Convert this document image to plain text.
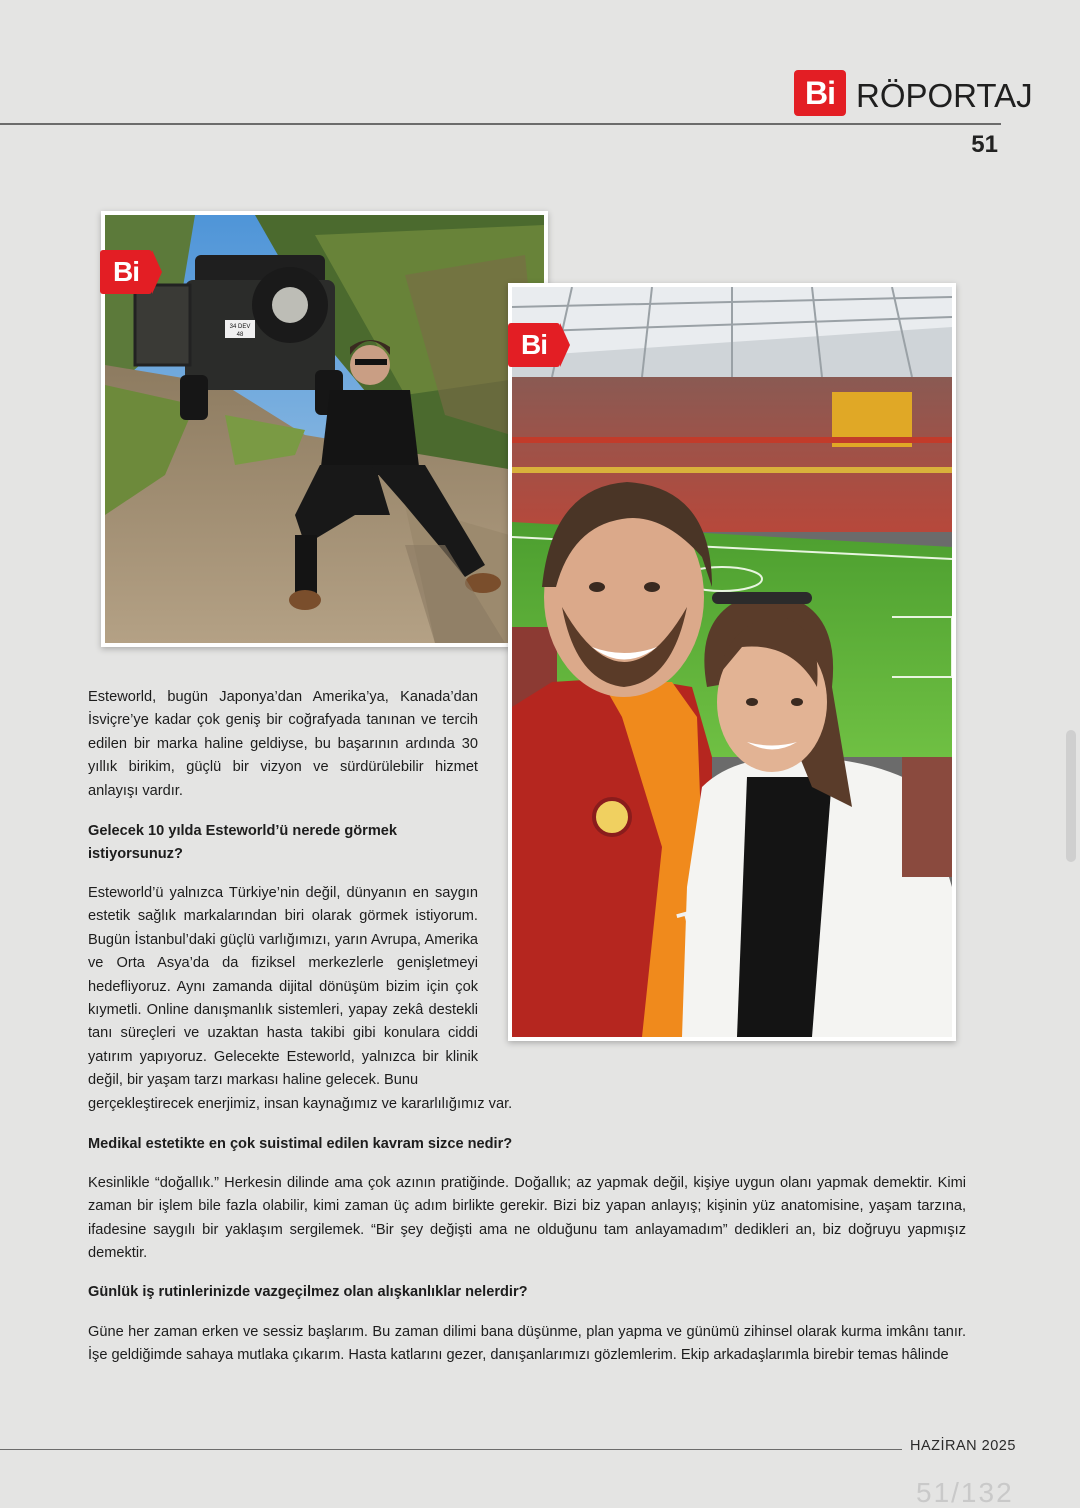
Bi RÖPORTAJ
51
34 DEV
48
Bi
Bi

Esteworld, bugün Japonya’dan Amerika’ya, Kanada’dan İsviçre’ye kadar çok geniş bir coğrafyada tanınan ve tercih edilen bir marka haline geldiyse, bu başarının ardında 30 yıllık birikim, güçlü bir vizyon ve sürdürülebilir hizmet anlayışı vardır.

Gelecek 10 yılda Esteworld’ü nerede görmek istiyorsunuz?

Esteworld’ü yalnızca Türkiye’nin değil, dünyanın en saygın estetik sağlık markalarından biri olarak görmek istiyorum. Bugün İstanbul’daki güçlü varlığımızı, yarın Avrupa, Amerika ve Orta Asya’da da fiziksel merkezlerle genişletmeyi hedefliyoruz. Aynı zamanda dijital dönüşüm bizim için çok kıymetli. Online danışmanlık sistemleri, yapay zekâ destekli tanı süreçleri ve uzaktan hasta takibi gibi konulara ciddi yatırım yapıyoruz. Gelecekte Esteworld, yalnızca bir klinik değil, bir yaşam tarzı markası haline gelecek. Bunu

gerçekleştirecek enerjimiz, insan kaynağımız ve kararlılığımız var.

Medikal estetikte en çok suistimal edilen kavram sizce nedir?

Kesinlikle “doğallık.” Herkesin dilinde ama çok azının pratiğinde. Doğallık; az yapmak değil, kişiye uygun olanı yapmak demektir. Kimi zaman bir işlem bile fazla olabilir, kimi zaman üç adım birlikte gerekir. Bizi biz yapan anlayış; kişinin yüz anatomisine, yaşam tarzına, ifadesine saygılı bir yaklaşım sergilemek. “Bir şey değişti ama ne olduğunu tam anlayamadım” dedikleri an, biz doğruyu yapmışız demektir.

Günlük iş rutinlerinizde vazgeçilmez olan alışkanlıklar nelerdir?

Güne her zaman erken ve sessiz başlarım. Bu zaman dilimi bana düşünme, plan yapma ve günümü zihinsel olarak kurma imkânı tanır. İşe geldiğimde sahaya mutlaka çıkarım. Hasta katlarını gezer, danışanlarımızı gözlemlerim. Ekip arkadaşlarımla birebir temas hâlinde

HAZİRAN 2025
51/132
